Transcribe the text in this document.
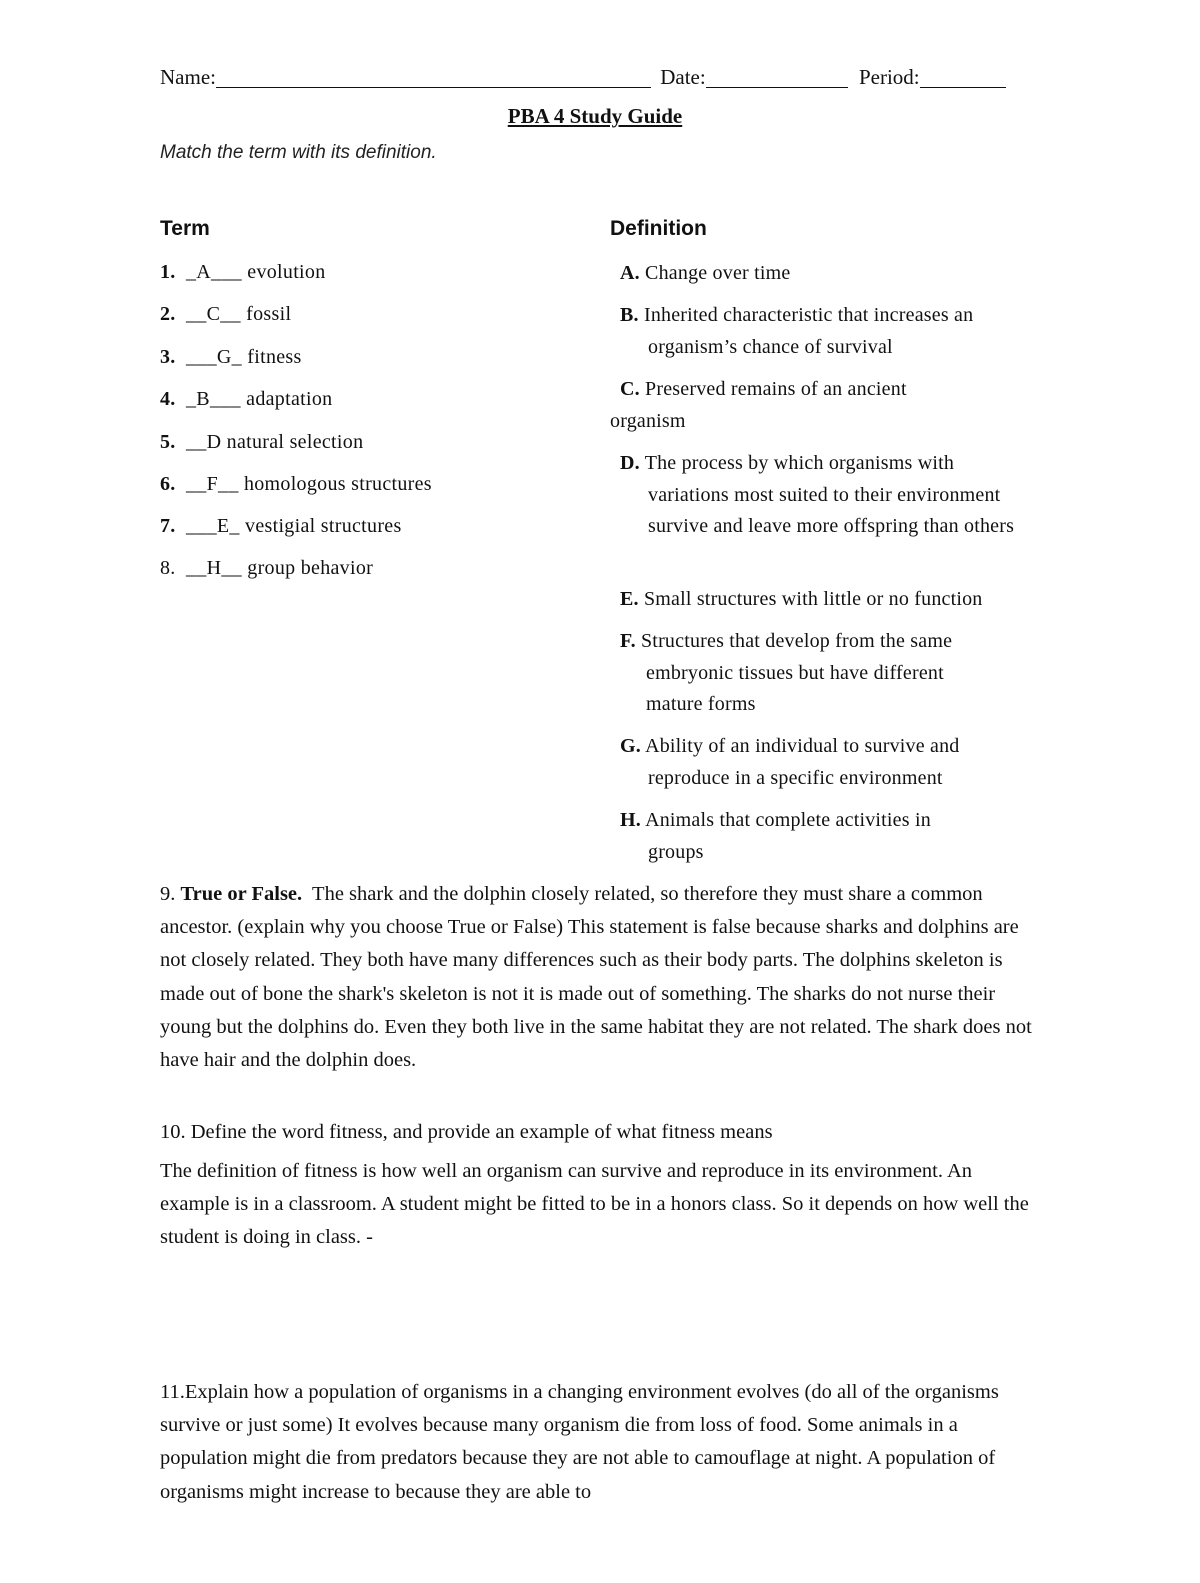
Name:	Date:	Period:
PBA 4 Study Guide
Match the term with its definition.
Term	Definition
1. _A___ evolution
2. __C__ fossil
3. ___G_ fitness
4. _B___ adaptation
5. __D natural selection
6. __F__ homologous structures
7. ___E_ vestigial structures
8. __H__ group behavior
A. Change over time
B. Inherited characteristic that increases an
organism’s chance of survival
C. Preserved remains of an ancient
organism
D. The process by which organisms with
variations most suited to their environment survive and leave more offspring than others
E. Small structures with little or no function
F. Structures that develop from the same
embryonic tissues but have different mature forms
G. Ability of an individual to survive and
reproduce in a specific environment
H. Animals that complete activities in
groups
9. True or False. The shark and the dolphin closely related, so therefore they must share a common ancestor. (explain why you choose True or False) This statement is false because sharks and dolphins are not closely related. They both have many differences such as their body parts. The dolphins skeleton is made out of bone the shark's skeleton is not it is made out of something. The sharks do not nurse their young but the dolphins do. Even they both live in the same habitat they are not related. The shark does not have hair and the dolphin does.
10. Define the word fitness, and provide an example of what fitness means
The definition of fitness is how well an organism can survive and reproduce in its environment. An example is in a classroom. A student might be fitted to be in a honors class. So it depends on how well the student is doing in class. -
11.Explain how a population of organisms in a changing environment evolves (do all of the organisms survive or just some) It evolves because many organism die from loss of food. Some animals in a population might die from predators because they are not able to camouflage at night. A population of organisms might increase to because they are able to
